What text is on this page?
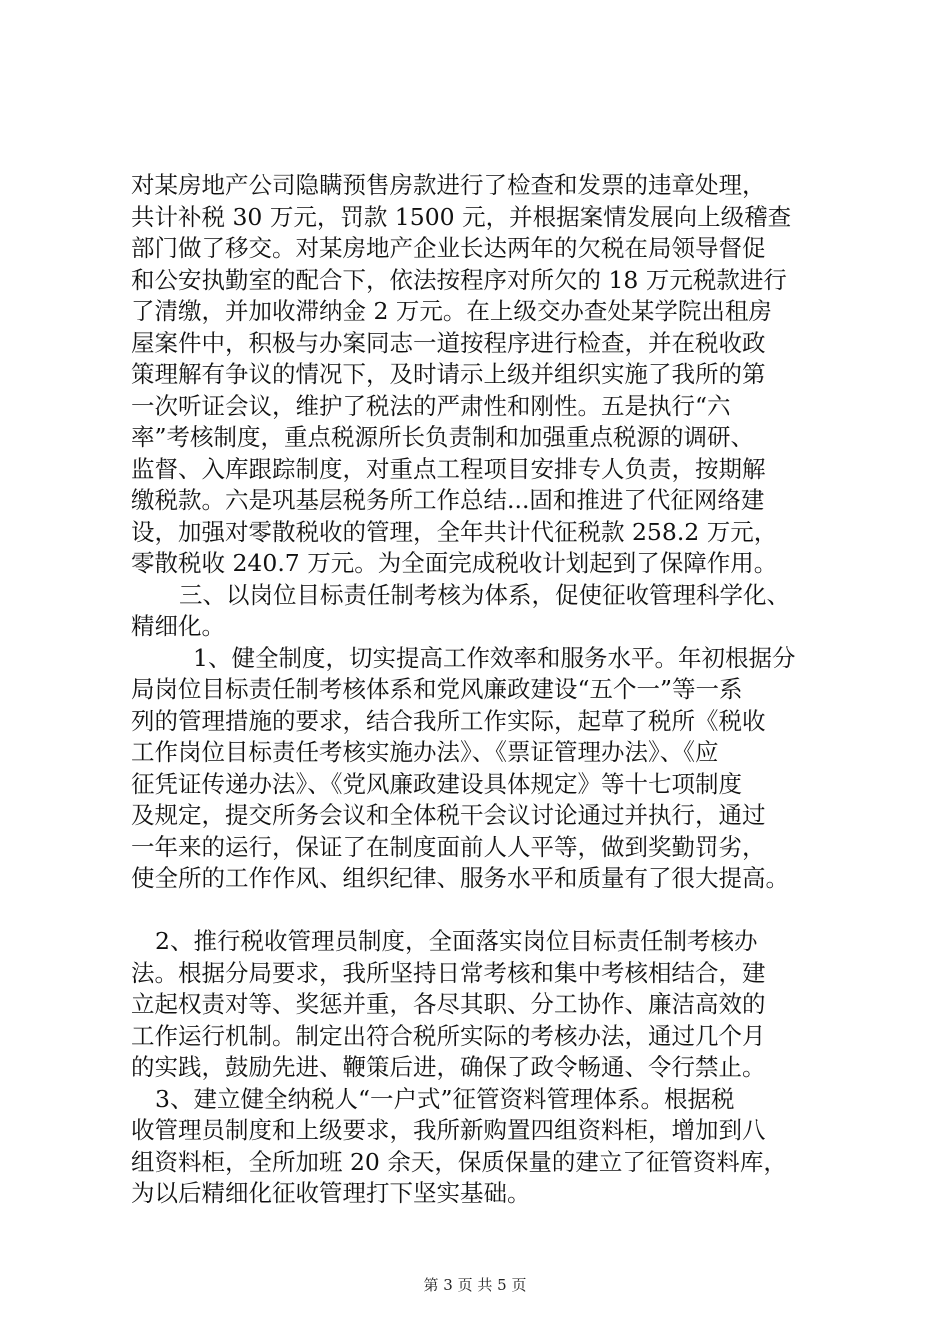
对某房地产公司隐瞒预售房款进行了检查和发票的违章处理，
共计补税 30 万元，罚款 1500 元，并根据案情发展向上级稽查
部门做了移交。对某房地产企业长达两年的欠税在局领导督促
和公安执勤室的配合下，依法按程序对所欠的 18 万元税款进行
了清缴，并加收滞纳金 2 万元。在上级交办查处某学院出租房
屋案件中，积极与办案同志一道按程序进行检查，并在税收政
策理解有争议的情况下，及时请示上级并组织实施了我所的第
一次听证会议，维护了税法的严肃性和刚性。五是执行“六
率”考核制度，重点税源所长负责制和加强重点税源的调研、
监督、入库跟踪制度，对重点工程项目安排专人负责，按期解
缴税款。六是巩基层税务所工作总结...固和推进了代征网络建
设，加强对零散税收的管理，全年共计代征税款 258.2 万元，
零散税收 240.7 万元。为全面完成税收计划起到了保障作用。
三、以岗位目标责任制考核为体系，促使征收管理科学化、
精细化。
1、健全制度，切实提高工作效率和服务水平。年初根据分
局岗位目标责任制考核体系和党风廉政建设“五个一”等一系
列的管理措施的要求，结合我所工作实际，起草了税所《税收
工作岗位目标责任考核实施办法》、《票证管理办法》、《应
征凭证传递办法》、《党风廉政建设具体规定》等十七项制度
及规定，提交所务会议和全体税干会议讨论通过并执行，通过
一年来的运行，保证了在制度面前人人平等，做到奖勤罚劣，
使全所的工作作风、组织纪律、服务水平和质量有了很大提高。
2、推行税收管理员制度，全面落实岗位目标责任制考核办
法。根据分局要求，我所坚持日常考核和集中考核相结合，建
立起权责对等、奖惩并重，各尽其职、分工协作、廉洁高效的
工作运行机制。制定出符合税所实际的考核办法，通过几个月
的实践，鼓励先进、鞭策后进，确保了政令畅通、令行禁止。
3、建立健全纳税人“一户式”征管资料管理体系。根据税
收管理员制度和上级要求，我所新购置四组资料柜，增加到八
组资料柜，全所加班 20 余天，保质保量的建立了征管资料库，
为以后精细化征收管理打下坚实基础。
第 3 页 共 5 页
